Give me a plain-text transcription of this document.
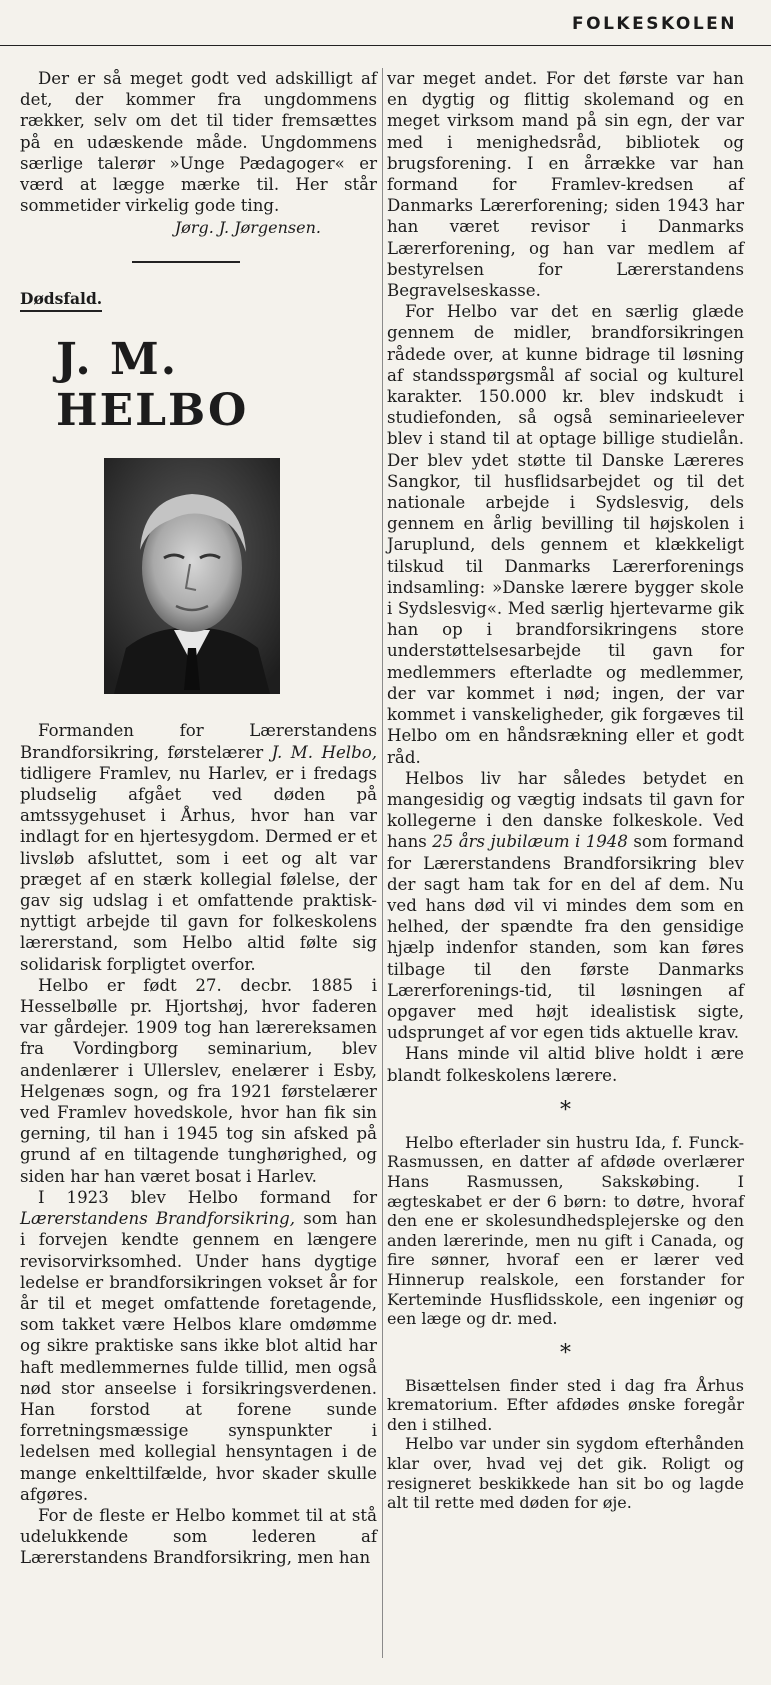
FOLKESKOLEN

Der er så meget godt ved adskilligt af det, der kommer fra ungdommens rækker, selv om det til tider fremsættes på en udæskende måde. Ungdommens særlige talerør »Unge Pædagoger« er værd at lægge mærke til. Her står sommetider virkelig gode ting.

Jørg. J. Jørgensen.
Dødsfald.
J. M. HELBO

Formanden for Lærerstandens Brandforsikring, førstelærer J. M. Helbo, tidligere Framlev, nu Harlev, er i fredags pludselig afgået ved døden på amtssygehuset i Århus, hvor han var indlagt for en hjertesygdom. Dermed er et livsløb afsluttet, som i eet og alt var præget af en stærk kollegial følelse, der gav sig udslag i et omfattende praktisk-nyttigt arbejde til gavn for folkeskolens lærerstand, som Helbo altid følte sig solidarisk forpligtet overfor.

Helbo er født 27. decbr. 1885 i Hesselbølle pr. Hjortshøj, hvor faderen var gårdejer. 1909 tog han lærereksamen fra Vordingborg seminarium, blev andenlærer i Ullerslev, enelærer i Esby, Helgenæs sogn, og fra 1921 førstelærer ved Framlev hovedskole, hvor han fik sin gerning, til han i 1945 tog sin afsked på grund af en tiltagende tunghørighed, og siden har han været bosat i Harlev.

I 1923 blev Helbo formand for Lærerstandens Brandforsikring, som han i forvejen kendte gennem en længere revisorvirksomhed. Under hans dygtige ledelse er brandforsikringen vokset år for år til et meget omfattende foretagende, som takket være Helbos klare omdømme og sikre praktiske sans ikke blot altid har haft medlemmernes fulde tillid, men også nød stor anseelse i forsikringsverdenen. Han forstod at forene sunde forretningsmæssige synspunkter i ledelsen med kollegial hensyntagen i de mange enkelttilfælde, hvor skader skulle afgøres.

For de fleste er Helbo kommet til at stå udelukkende som lederen af Lærerstandens Brandforsikring, men han

var meget andet. For det første var han en dygtig og flittig skolemand og en meget virksom mand på sin egn, der var med i menighedsråd, bibliotek og brugsforening. I en årrække var han formand for Framlev-kredsen af Danmarks Lærerforening; siden 1943 har han været revisor i Danmarks Lærerforening, og han var medlem af bestyrelsen for Lærerstandens Begravelseskasse.

For Helbo var det en særlig glæde gennem de midler, brandforsikringen rådede over, at kunne bidrage til løsning af standsspørgsmål af social og kulturel karakter. 150.000 kr. blev indskudt i studiefonden, så også seminarieelever blev i stand til at optage billige studielån. Der blev ydet støtte til Danske Læreres Sangkor, til husflidsarbejdet og til det nationale arbejde i Sydslesvig, dels gennem en årlig bevilling til højskolen i Jaruplund, dels gennem et klækkeligt tilskud til Danmarks Lærerforenings indsamling: »Danske lærere bygger skole i Sydslesvig«. Med særlig hjertevarme gik han op i brandforsikringens store understøttelsesarbejde til gavn for medlemmers efterladte og medlemmer, der var kommet i nød; ingen, der var kommet i vanskeligheder, gik forgæves til Helbo om en håndsrækning eller et godt råd.

Helbos liv har således betydet en mangesidig og vægtig indsats til gavn for kollegerne i den danske folkeskole. Ved hans 25 års jubilæum i 1948 som formand for Lærerstandens Brandforsikring blev der sagt ham tak for en del af dem. Nu ved hans død vil vi mindes dem som en helhed, der spændte fra den gensidige hjælp indenfor standen, som kan føres tilbage til den første Danmarks Lærerforenings-tid, til løsningen af opgaver med højt idealistisk sigte, udsprunget af vor egen tids aktuelle krav.

Hans minde vil altid blive holdt i ære blandt folkeskolens lærere.

*

Helbo efterlader sin hustru Ida, f. Funck-Rasmussen, en datter af afdøde overlærer Hans Rasmussen, Sakskøbing. I ægteskabet er der 6 børn: to døtre, hvoraf den ene er skolesundhedsplejerske og den anden lærerinde, men nu gift i Canada, og fire sønner, hvoraf een er lærer ved Hinnerup realskole, een forstander for Kerteminde Husflidsskole, een ingeniør og een læge og dr. med.

*

Bisættelsen finder sted i dag fra Århus krematorium. Efter afdødes ønske foregår den i stilhed.

Helbo var under sin sygdom efterhånden klar over, hvad vej det gik. Roligt og resigneret beskikkede han sit bo og lagde alt til rette med døden for øje.
